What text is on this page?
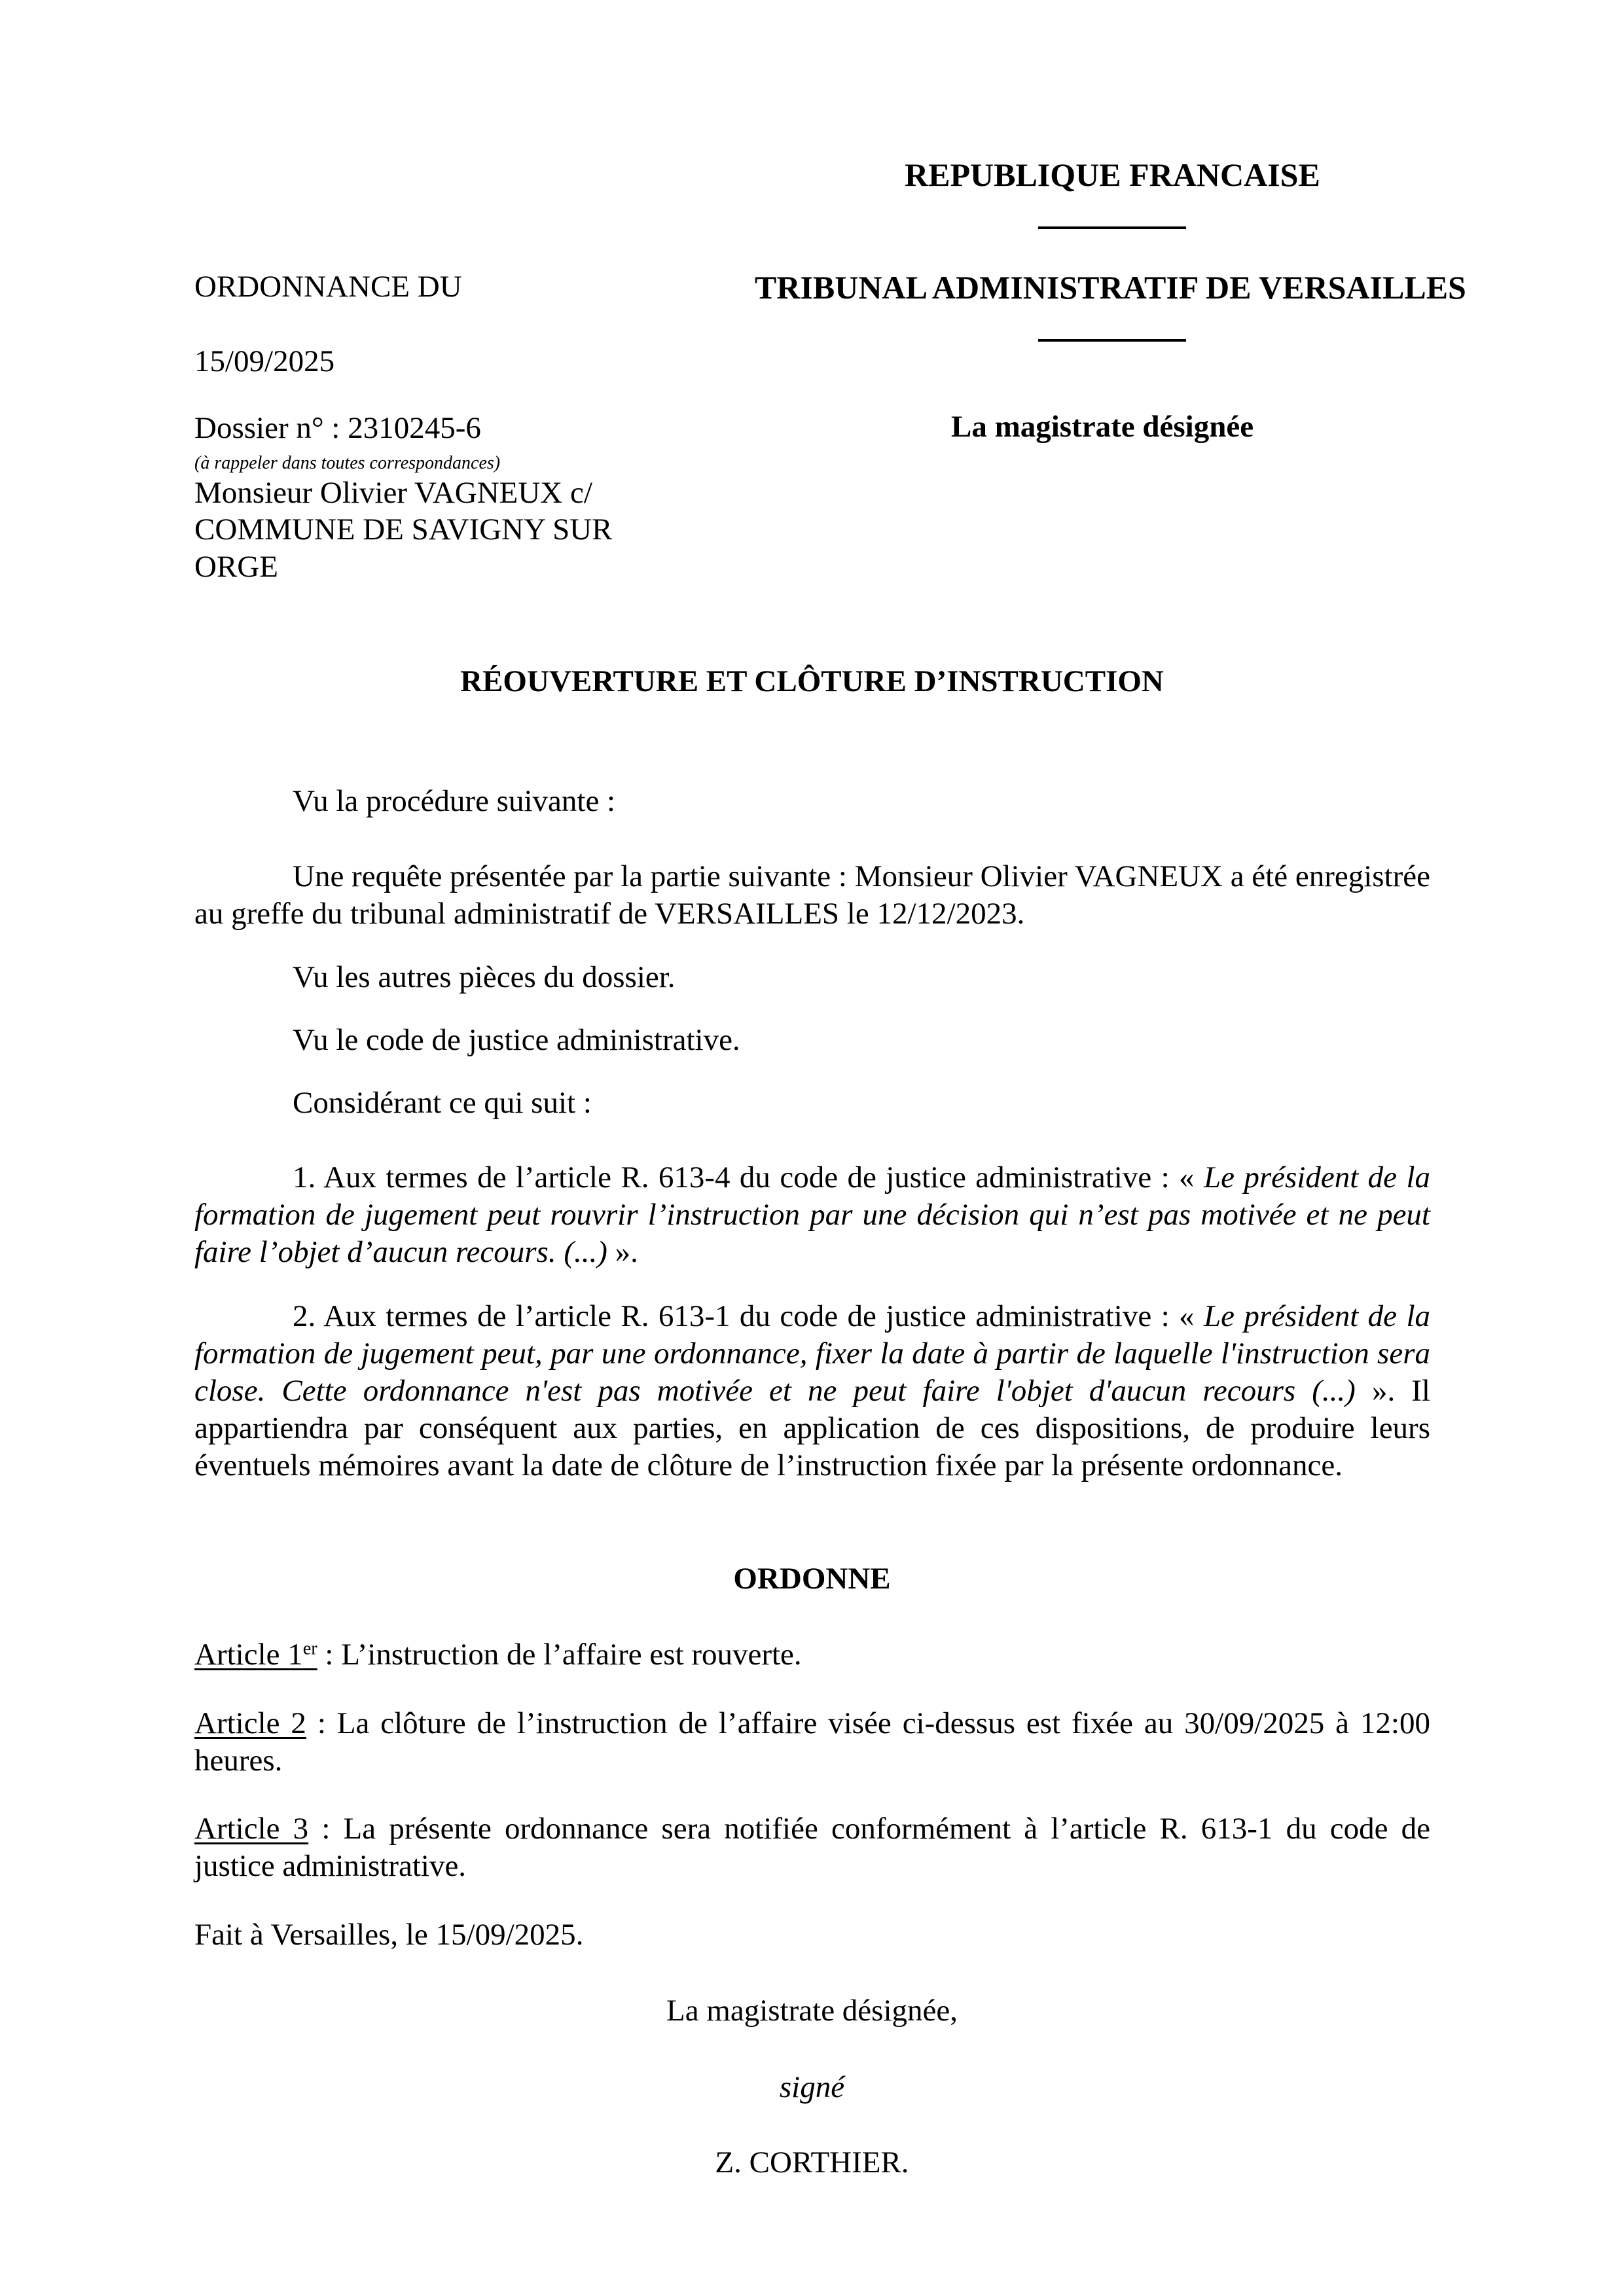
REPUBLIQUE FRANCAISE
TRIBUNAL ADMINISTRATIF DE VERSAILLES
La magistrate désignée
ORDONNANCE DU
15/09/2025
Dossier n° : 2310245-6
(à rappeler dans toutes correspondances)
Monsieur Olivier VAGNEUX c/
COMMUNE DE SAVIGNY SUR
ORGE
RÉOUVERTURE ET CLÔTURE D’INSTRUCTION

Vu la procédure suivante :

Une requête présentée par la partie suivante : Monsieur Olivier VAGNEUX a été enregistrée au greffe du tribunal administratif de VERSAILLES le 12/12/2023.

Vu les autres pièces du dossier.

Vu le code de justice administrative.

Considérant ce qui suit :

1. Aux termes de l’article R. 613-4 du code de justice administrative : « Le président de la formation de jugement peut rouvrir l’instruction par une décision qui n’est pas motivée et ne peut faire l’objet d’aucun recours. (...) ».

2. Aux termes de l’article R. 613-1 du code de justice administrative : « Le président de la formation de jugement peut, par une ordonnance, fixer la date à partir de laquelle l'instruction sera close. Cette ordonnance n'est pas motivée et ne peut faire l'objet d'aucun recours (...) ». Il appartiendra par conséquent aux parties, en application de ces dispositions, de produire leurs éventuels mémoires avant la date de clôture de l’instruction fixée par la présente ordonnance.

ORDONNE

Article 1er : L’instruction de l’affaire est rouverte.

Article 2 : La clôture de l’instruction de l’affaire visée ci-dessus est fixée au 30/09/2025 à 12:00 heures.

Article 3 : La présente ordonnance sera notifiée conformément à l’article R. 613-1 du code de justice administrative.

Fait à Versailles, le 15/09/2025.

La magistrate désignée,
signé
Z. CORTHIER.
